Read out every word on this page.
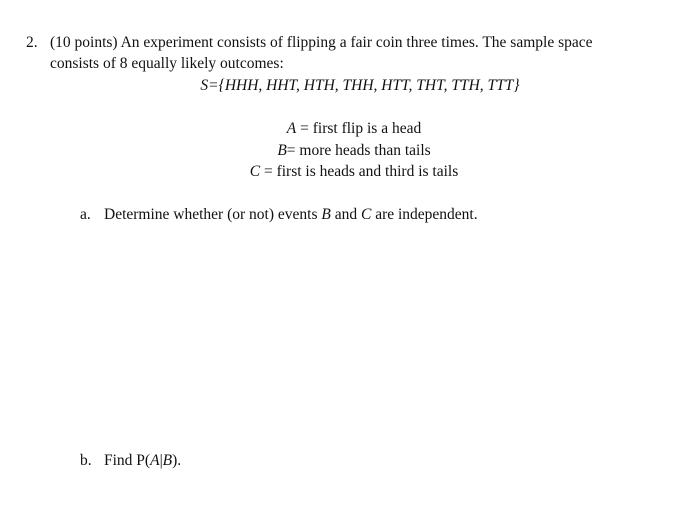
2. (10 points) An experiment consists of flipping a fair coin three times. The sample space
consists of 8 equally likely outcomes:
S={HHH, HHT, HTH, THH, HTT, THT, TTH, TTT}
A = first flip is a head
B= more heads than tails
C = first is heads and third is tails
a. Determine whether (or not) events B and C are independent.
b. Find P(A|B).
